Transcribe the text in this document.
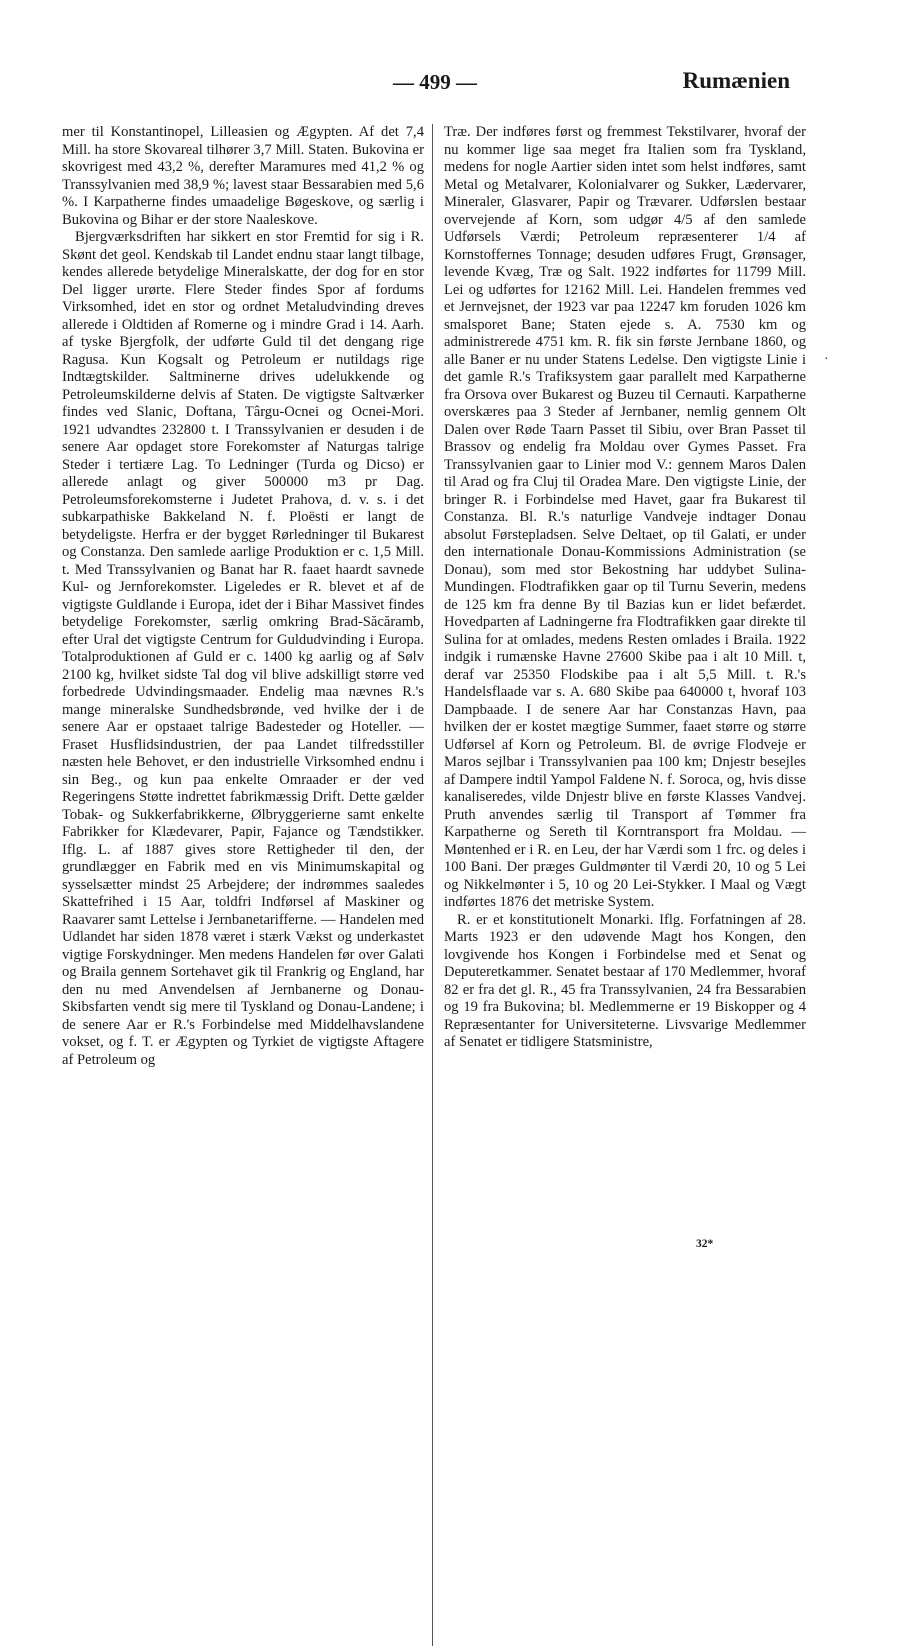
— 499 —	Rumænien

mer til Konstantinopel, Lilleasien og Ægypten. Af det 7,4 Mill. ha store Skovareal tilhører 3,7 Mill. Staten. Bukovina er skovrigest med 43,2 %, derefter Maramures med 41,2 % og Transsylvanien med 38,9 %; lavest staar Bessarabien med 5,6 %. I Karpatherne findes umaadelige Bøgeskove, og særlig i Bukovina og Bihar er der store Naaleskove.

Bjergværksdriften har sikkert en stor Fremtid for sig i R. Skønt det geol. Kendskab til Landet endnu staar langt tilbage, kendes allerede betydelige Mineralskatte, der dog for en stor Del ligger urørte. Flere Steder findes Spor af fordums Virksomhed, idet en stor og ordnet Metaludvinding dreves allerede i Oldtiden af Romerne og i mindre Grad i 14. Aarh. af tyske Bjergfolk, der udførte Guld til det dengang rige Ragusa. Kun Kogsalt og Petroleum er nutildags rige Indtægtskilder. Saltminerne drives udelukkende og Petroleumskilderne delvis af Staten. De vigtigste Saltværker findes ved Slanic, Doftana, Târgu-Ocnei og Ocnei-Mori. 1921 udvandtes 232800 t. I Transsylvanien er desuden i de senere Aar opdaget store Forekomster af Naturgas talrige Steder i tertiære Lag. To Ledninger (Turda og Dicso) er allerede anlagt og giver 500000 m3 pr Dag. Petroleumsforekomsterne i Judetet Prahova, d. v. s. i det subkarpathiske Bakkeland N. f. Ploësti er langt de betydeligste. Herfra er der bygget Rørledninger til Bukarest og Constanza. Den samlede aarlige Produktion er c. 1,5 Mill. t. Med Transsylvanien og Banat har R. faaet haardt savnede Kul- og Jernforekomster. Ligeledes er R. blevet et af de vigtigste Guldlande i Europa, idet der i Bihar Massivet findes betydelige Forekomster, særlig omkring Brad-Săcăramb, efter Ural det vigtigste Centrum for Guldudvinding i Europa. Totalproduktionen af Guld er c. 1400 kg aarlig og af Sølv 2100 kg, hvilket sidste Tal dog vil blive adskilligt større ved forbedrede Udvindingsmaader. Endelig maa nævnes R.'s mange mineralske Sundhedsbrønde, ved hvilke der i de senere Aar er opstaaet talrige Badesteder og Hoteller. — Fraset Husflidsindustrien, der paa Landet tilfredsstiller næsten hele Behovet, er den industrielle Virksomhed endnu i sin Beg., og kun paa enkelte Omraader er der ved Regeringens Støtte indrettet fabrikmæssig Drift. Dette gælder Tobak- og Sukkerfabrikkerne, Ølbryggerierne samt enkelte Fabrikker for Klædevarer, Papir, Fajance og Tændstikker. Iflg. L. af 1887 gives store Rettigheder til den, der grundlægger en Fabrik med en vis Minimumskapital og sysselsætter mindst 25 Arbejdere; der indrømmes saaledes Skattefrihed i 15 Aar, toldfri Indførsel af Maskiner og Raavarer samt Lettelse i Jernbanetarifferne. — Handelen med Udlandet har siden 1878 været i stærk Vækst og underkastet vigtige Forskydninger. Men medens Handelen før over Galati og Braila gennem Sortehavet gik til Frankrig og England, har den nu med Anvendelsen af Jernbanerne og Donau-Skibsfarten vendt sig mere til Tyskland og Donau-Landene; i de senere Aar er R.'s Forbindelse med Middelhavslandene vokset, og f. T. er Ægypten og Tyrkiet de vigtigste Aftagere af Petroleum og

Træ. Der indføres først og fremmest Tekstilvarer, hvoraf der nu kommer lige saa meget fra Italien som fra Tyskland, medens for nogle Aartier siden intet som helst indføres, samt Metal og Metalvarer, Kolonialvarer og Sukker, Lædervarer, Mineraler, Glasvarer, Papir og Trævarer. Udførslen bestaar overvejende af Korn, som udgør 4/5 af den samlede Udførsels Værdi; Petroleum repræsenterer 1/4 af Kornstoffernes Tonnage; desuden udføres Frugt, Grønsager, levende Kvæg, Træ og Salt. 1922 indførtes for 11799 Mill. Lei og udførtes for 12162 Mill. Lei. Handelen fremmes ved et Jernvejsnet, der 1923 var paa 12247 km foruden 1026 km smalsporet Bane; Staten ejede s. A. 7530 km og administrerede 4751 km. R. fik sin første Jernbane 1860, og alle Baner er nu under Statens Ledelse. Den vigtigste Linie i det gamle R.'s Trafiksystem gaar parallelt med Karpatherne fra Orsova over Bukarest og Buzeu til Cernauti. Karpatherne overskæres paa 3 Steder af Jernbaner, nemlig gennem Olt Dalen over Røde Taarn Passet til Sibiu, over Bran Passet til Brassov og endelig fra Moldau over Gymes Passet. Fra Transsylvanien gaar to Linier mod V.: gennem Maros Dalen til Arad og fra Cluj til Oradea Mare. Den vigtigste Linie, der bringer R. i Forbindelse med Havet, gaar fra Bukarest til Constanza. Bl. R.'s naturlige Vandveje indtager Donau absolut Førstepladsen. Selve Deltaet, op til Galati, er under den internationale Donau-Kommissions Administration (se Donau), som med stor Bekostning har uddybet Sulina-Mundingen. Flodtrafikken gaar op til Turnu Severin, medens de 125 km fra denne By til Bazias kun er lidet befærdet. Hovedparten af Ladningerne fra Flodtrafikken gaar direkte til Sulina for at omlades, medens Resten omlades i Braila. 1922 indgik i rumænske Havne 27600 Skibe paa i alt 10 Mill. t, deraf var 25350 Flodskibe paa i alt 5,5 Mill. t. R.'s Handelsflaade var s. A. 680 Skibe paa 640000 t, hvoraf 103 Dampbaade. I de senere Aar har Constanzas Havn, paa hvilken der er kostet mægtige Summer, faaet større og større Udførsel af Korn og Petroleum. Bl. de øvrige Flodveje er Maros sejlbar i Transsylvanien paa 100 km; Dnjestr besejles af Dampere indtil Yampol Faldene N. f. Soroca, og, hvis disse kanaliseredes, vilde Dnjestr blive en første Klasses Vandvej. Pruth anvendes særlig til Transport af Tømmer fra Karpatherne og Sereth til Korntransport fra Moldau. — Møntenhed er i R. en Leu, der har Værdi som 1 frc. og deles i 100 Bani. Der præges Guldmønter til Værdi 20, 10 og 5 Lei og Nikkelmønter i 5, 10 og 20 Lei-Stykker. I Maal og Vægt indførtes 1876 det metriske System.

R. er et konstitutionelt Monarki. Iflg. Forfatningen af 28. Marts 1923 er den udøvende Magt hos Kongen, den lovgivende hos Kongen i Forbindelse med et Senat og Deputeretkammer. Senatet bestaar af 170 Medlemmer, hvoraf 82 er fra det gl. R., 45 fra Transsylvanien, 24 fra Bessarabien og 19 fra Bukovina; bl. Medlemmerne er 19 Biskopper og 4 Repræsentanter for Universiteterne. Livsvarige Medlemmer af Senatet er tidligere Statsministre,

·
32*
